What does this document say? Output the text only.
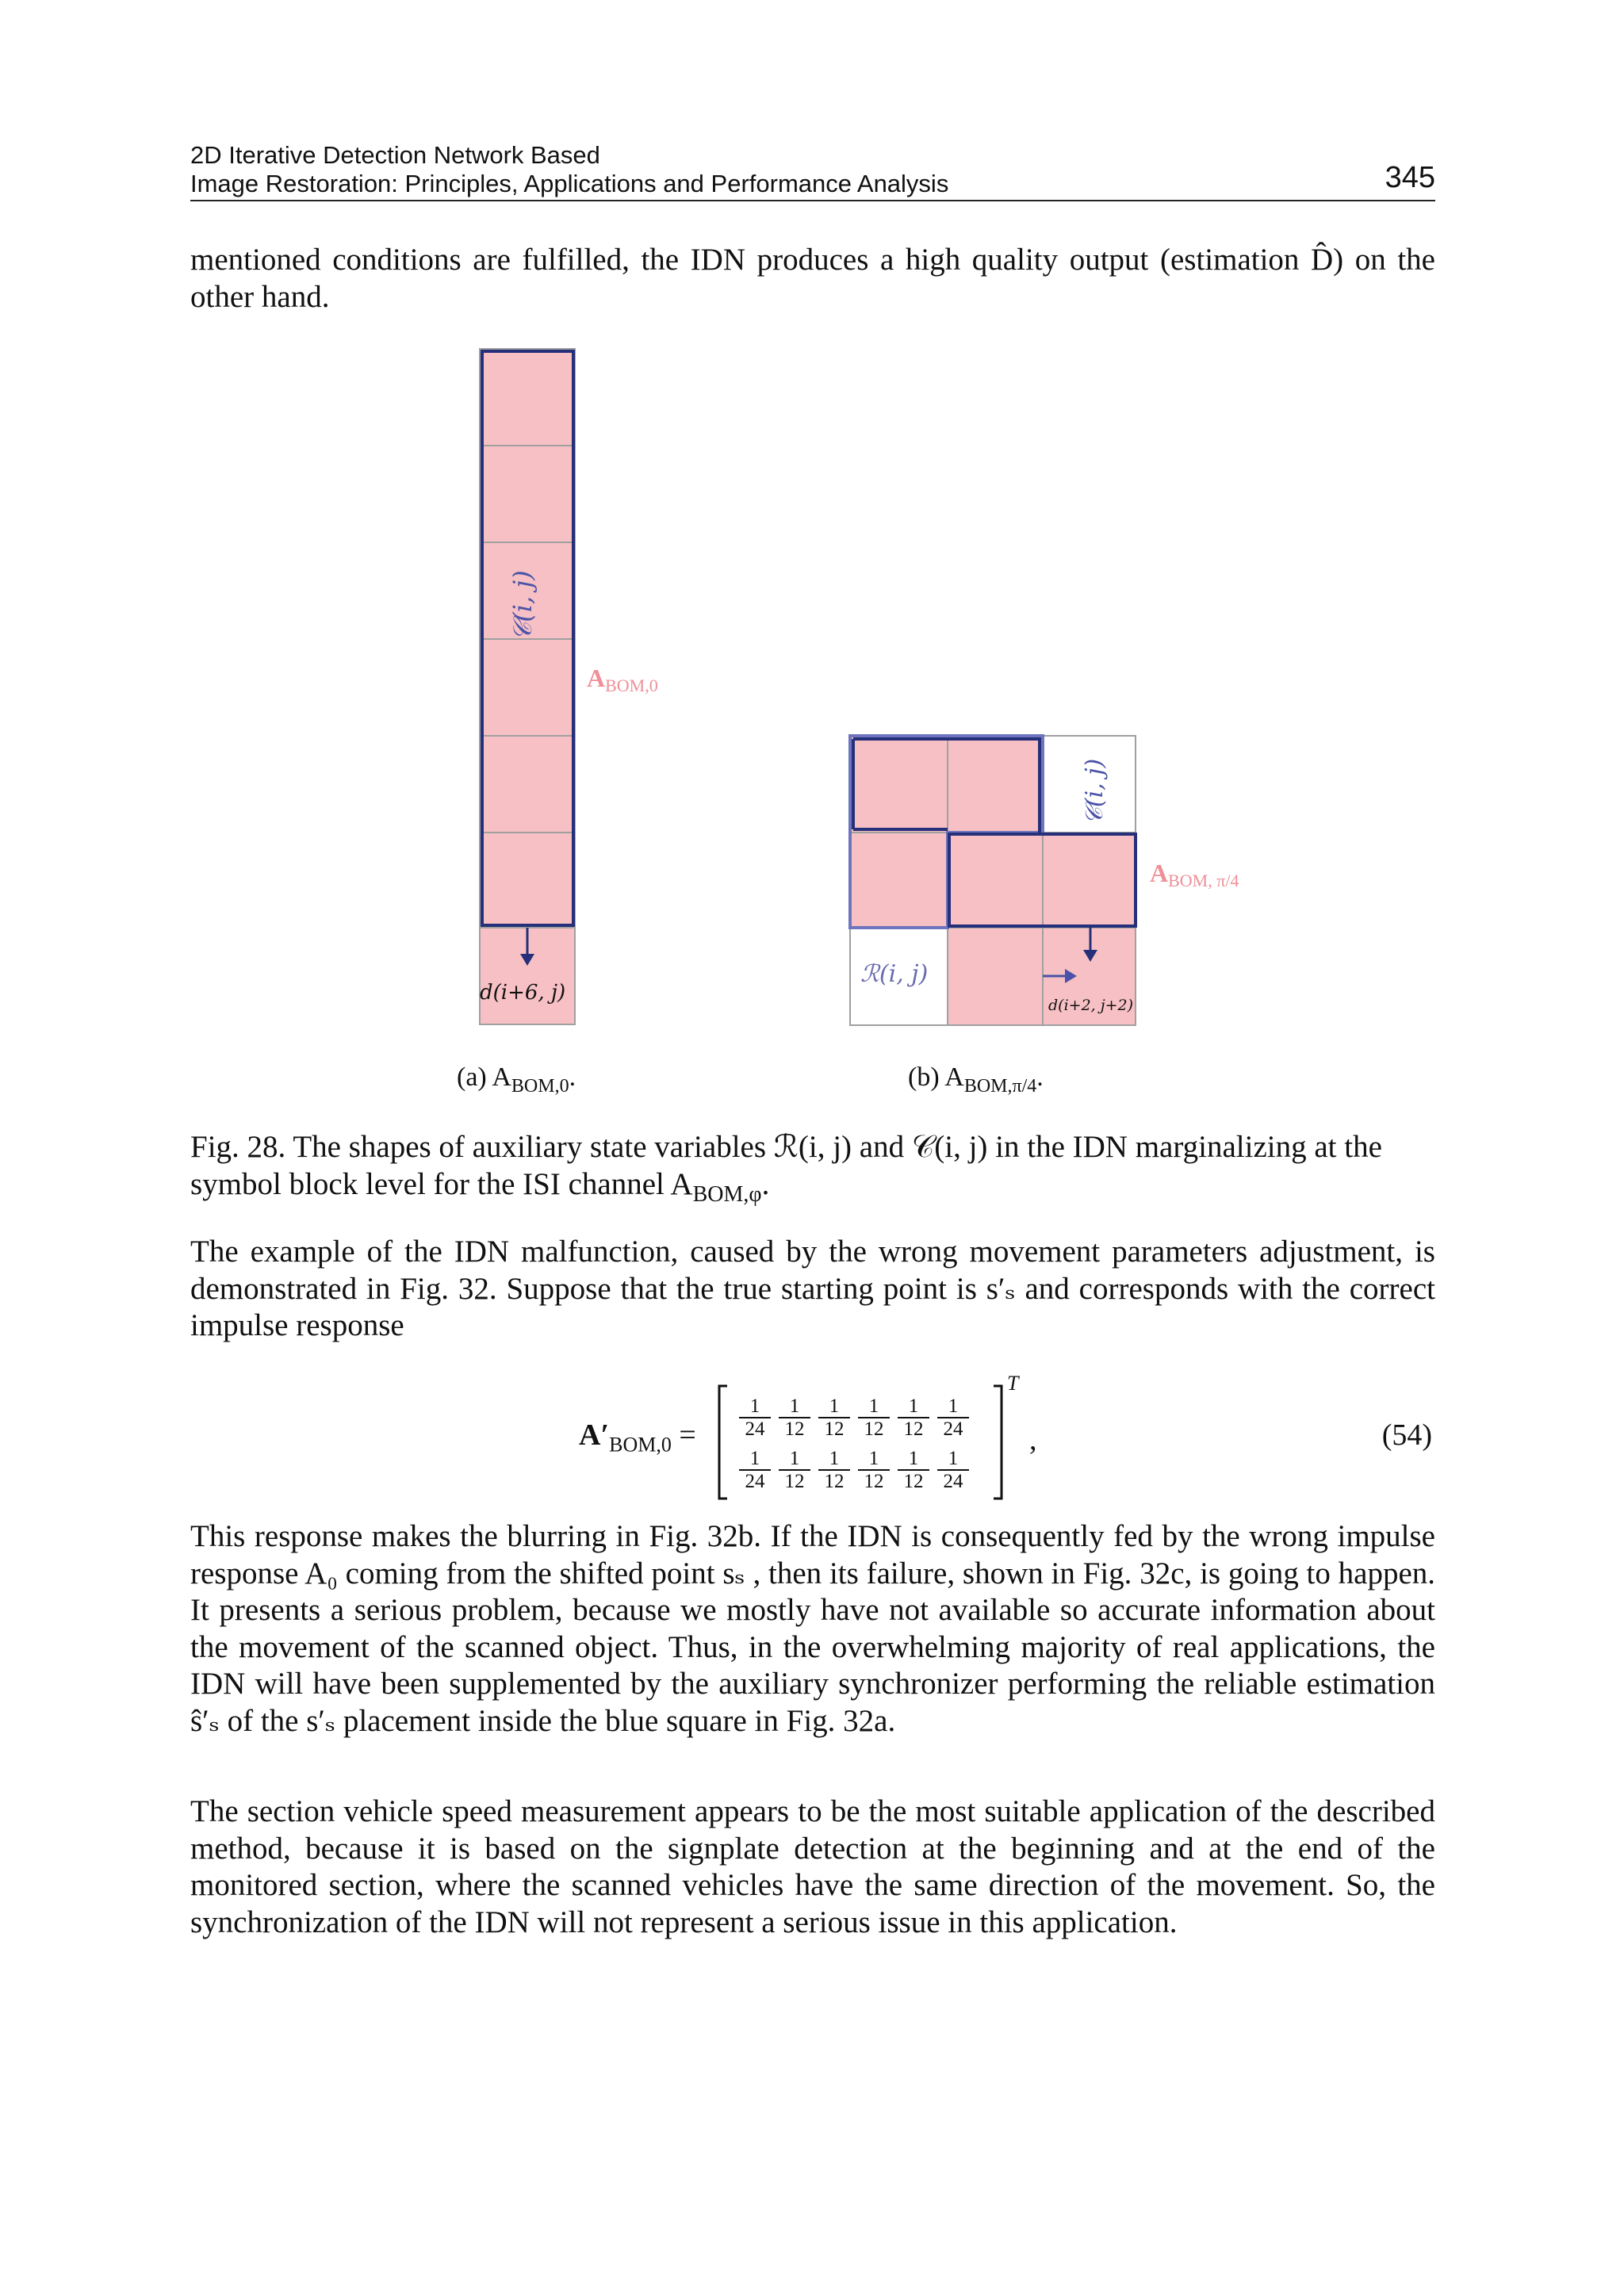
2D Iterative Detection Network Based
Image Restoration: Principles, Applications and Performance Analysis	345

mentioned conditions are fulfilled, the IDN produces a high quality output (estimation D̂) on the other hand.

𝒞(i, j)
ABOM,0
d(i+6, j)
𝒞(i, j)
ABOM, π/4
ℛ(i, j)
d(i+2, j+2)
(a) $A_{BOM,0}$.	(b) $A_{BOM,\pi/4}$.
Fig. 28. The shapes of auxiliary state variables ℛ(i, j) and 𝒞(i, j) in the IDN marginalizing at the symbol block level for the ISI channel $A_{BOM,\varphi}$.

The example of the IDN malfunction, caused by the wrong movement parameters adjustment, is demonstrated in Fig. 32. Suppose that the true starting point is s′ₛ and corresponds with the correct impulse response

$A'_{BOM,0}$ =
T
,	(54)
$\frac{1}{24} \frac{1}{12} \frac{1}{12} \frac{1}{12} \frac{1}{12} \frac{1}{24}$
$\frac{1}{24} \frac{1}{12} \frac{1}{12} \frac{1}{12} \frac{1}{12} \frac{1}{24}$

This response makes the blurring in Fig. 32b. If the IDN is consequently fed by the wrong impulse response A₀ coming from the shifted point sₛ , then its failure, shown in Fig. 32c, is going to happen. It presents a serious problem, because we mostly have not available so accurate information about the movement of the scanned object. Thus, in the overwhelming majority of real applications, the IDN will have been supplemented by the auxiliary synchronizer performing the reliable estimation ŝ′ₛ of the s′ₛ placement inside the blue square in Fig. 32a.

The section vehicle speed measurement appears to be the most suitable application of the described method, because it is based on the signplate detection at the beginning and at the end of the monitored section, where the scanned vehicles have the same direction of the movement. So, the synchronization of the IDN will not represent a serious issue in this application.
